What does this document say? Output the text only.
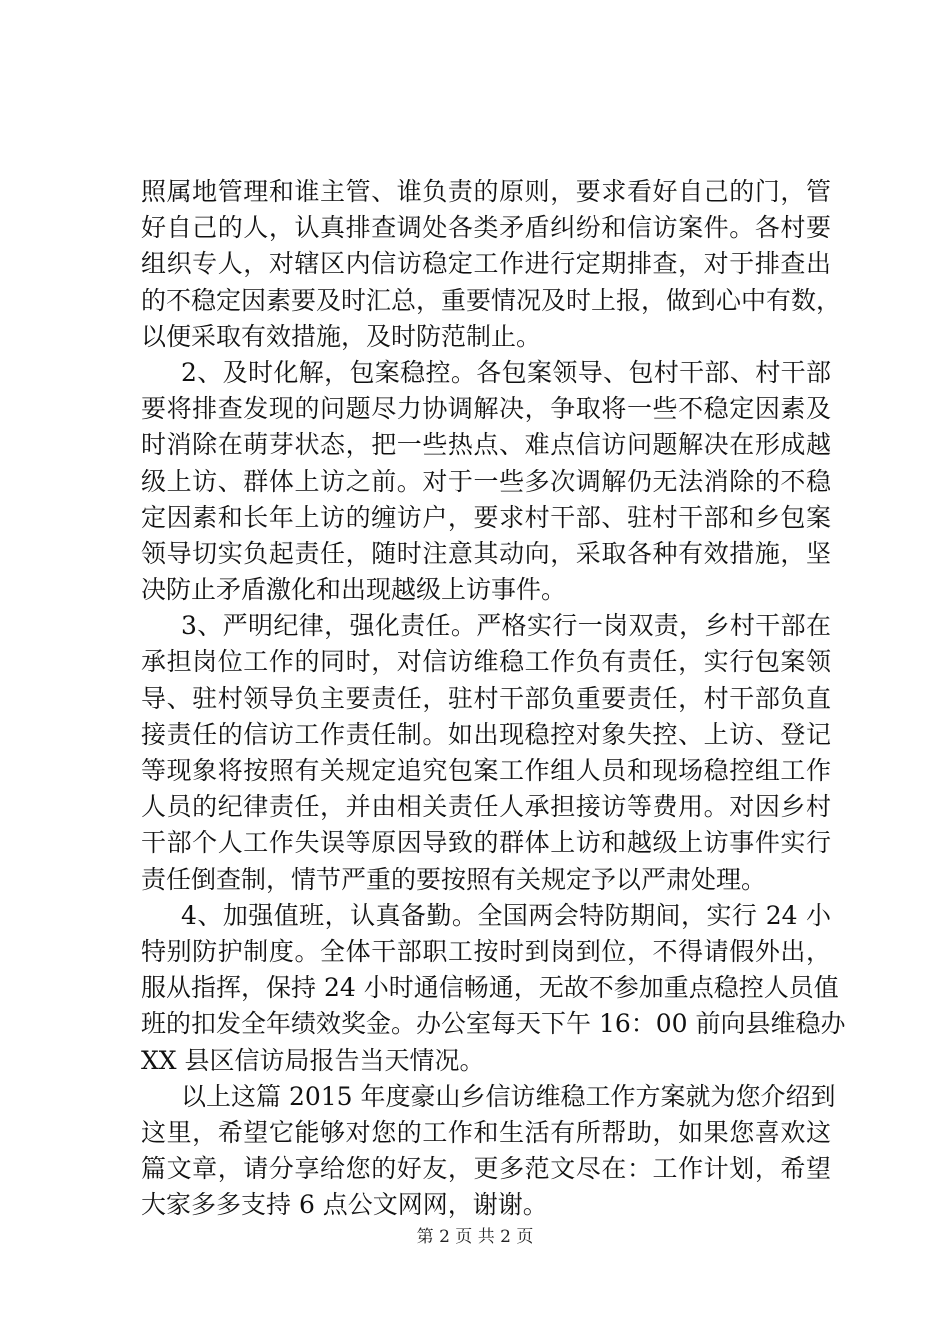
照属地管理和谁主管、谁负责的原则，要求看好自己的门，管
好自己的人，认真排查调处各类矛盾纠纷和信访案件。各村要
组织专人，对辖区内信访稳定工作进行定期排查，对于排查出
的不稳定因素要及时汇总，重要情况及时上报，做到心中有数，
以便采取有效措施，及时防范制止。
2、及时化解，包案稳控。各包案领导、包村干部、村干部
要将排查发现的问题尽力协调解决，争取将一些不稳定因素及
时消除在萌芽状态，把一些热点、难点信访问题解决在形成越
级上访、群体上访之前。对于一些多次调解仍无法消除的不稳
定因素和长年上访的缠访户，要求村干部、驻村干部和乡包案
领导切实负起责任，随时注意其动向，采取各种有效措施，坚
决防止矛盾激化和出现越级上访事件。
3、严明纪律，强化责任。严格实行一岗双责，乡村干部在
承担岗位工作的同时，对信访维稳工作负有责任，实行包案领
导、驻村领导负主要责任，驻村干部负重要责任，村干部负直
接责任的信访工作责任制。如出现稳控对象失控、上访、登记
等现象将按照有关规定追究包案工作组人员和现场稳控组工作
人员的纪律责任，并由相关责任人承担接访等费用。对因乡村
干部个人工作失误等原因导致的群体上访和越级上访事件实行
责任倒查制，情节严重的要按照有关规定予以严肃处理。
4、加强值班，认真备勤。全国两会特防期间，实行 24 小
特别防护制度。全体干部职工按时到岗到位，不得请假外出，
服从指挥，保持 24 小时通信畅通，无故不参加重点稳控人员值
班的扣发全年绩效奖金。办公室每天下午 16：00 前向县维稳办
XX 县区信访局报告当天情况。
以上这篇 2015 年度豪山乡信访维稳工作方案就为您介绍到
这里，希望它能够对您的工作和生活有所帮助，如果您喜欢这
篇文章，请分享给您的好友，更多范文尽在：工作计划，希望
大家多多支持 6 点公文网网，谢谢。
第 2 页 共 2 页
